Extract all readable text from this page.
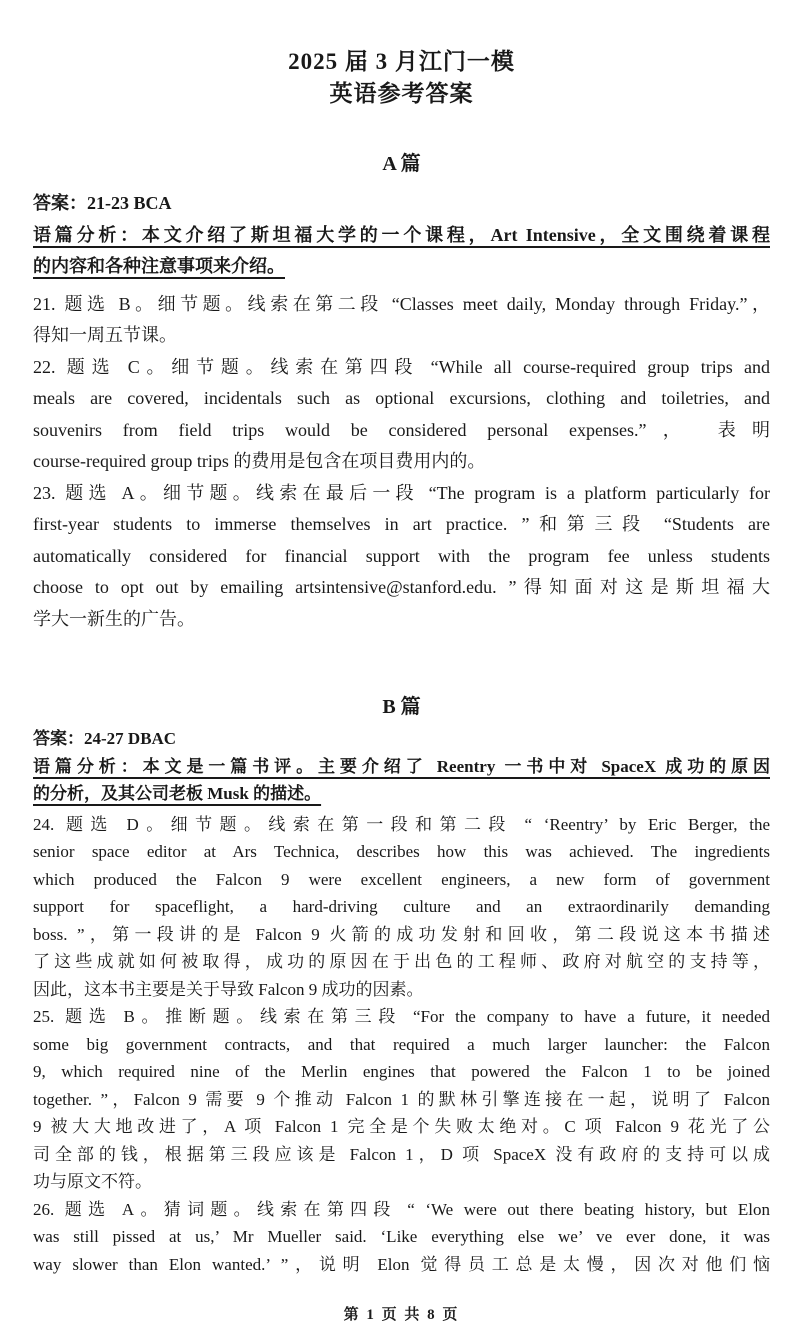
2025 届 3 月江门一模
英语参考答案
A 篇
答案：21-23 BCA
语篇分析：本文介绍了斯坦福大学的一个课程，Art Intensive，全文围绕着课程
的内容和各种注意事项来介绍。
21. 题选 B。细节题。线索在第二段 “Classes meet daily, Monday through Friday.”，
得知一周五节课。
22. 题选 C。细节题。线索在第四段 “While all course-required group trips and
meals are covered, incidentals such as optional excursions, clothing and toiletries, and
souvenirs from field trips would be considered personal expenses.”， 表明
course-required group trips 的费用是包含在项目费用内的。
23. 题选 A。细节题。线索在最后一段 “The program is a platform particularly for
first-year students to immerse themselves in art practice. ”和第三段 “Students are
automatically considered for financial support with the program fee unless students
choose to opt out by emailing artsintensive@stanford.edu. ”得知面对这是斯坦福大
学大一新生的广告。
B 篇
答案：24-27 DBAC
语篇分析：本文是一篇书评。主要介绍了 Reentry 一书中对 SpaceX 成功的原因
的分析，及其公司老板 Musk 的描述。
24. 题选 D。细节题。线索在第一段和第二段 “ ‘Reentry’ by Eric Berger, the
senior space editor at Ars Technica, describes how this was achieved. The ingredients
which produced the Falcon 9 were excellent engineers, a new form of government
support for spaceflight, a hard-driving culture and an extraordinarily demanding
boss. ”，第一段讲的是 Falcon 9 火箭的成功发射和回收，第二段说这本书描述
了这些成就如何被取得，成功的原因在于出色的工程师、政府对航空的支持等，
因此，这本书主要是关于导致 Falcon 9 成功的因素。
25. 题选 B。推断题。线索在第三段 “For the company to have a future, it needed
some big government contracts, and that required a much larger launcher: the Falcon
9, which required nine of the Merlin engines that powered the Falcon 1 to be joined
together. ”，Falcon 9 需要 9 个推动 Falcon 1 的默林引擎连接在一起，说明了 Falcon
9 被大大地改进了，A 项 Falcon 1 完全是个失败太绝对。C 项 Falcon 9 花光了公
司全部的钱，根据第三段应该是 Falcon 1，D 项 SpaceX 没有政府的支持可以成
功与原文不符。
26. 题选 A。猜词题。线索在第四段 “ ‘We were out there beating history, but Elon
was still pissed at us,’ Mr Mueller said. ‘Like everything else we’ ve ever done, it was
way slower than Elon wanted.’ ”，说明 Elon 觉得员工总是太慢，因次对他们恼
第 1 页 共 8 页
